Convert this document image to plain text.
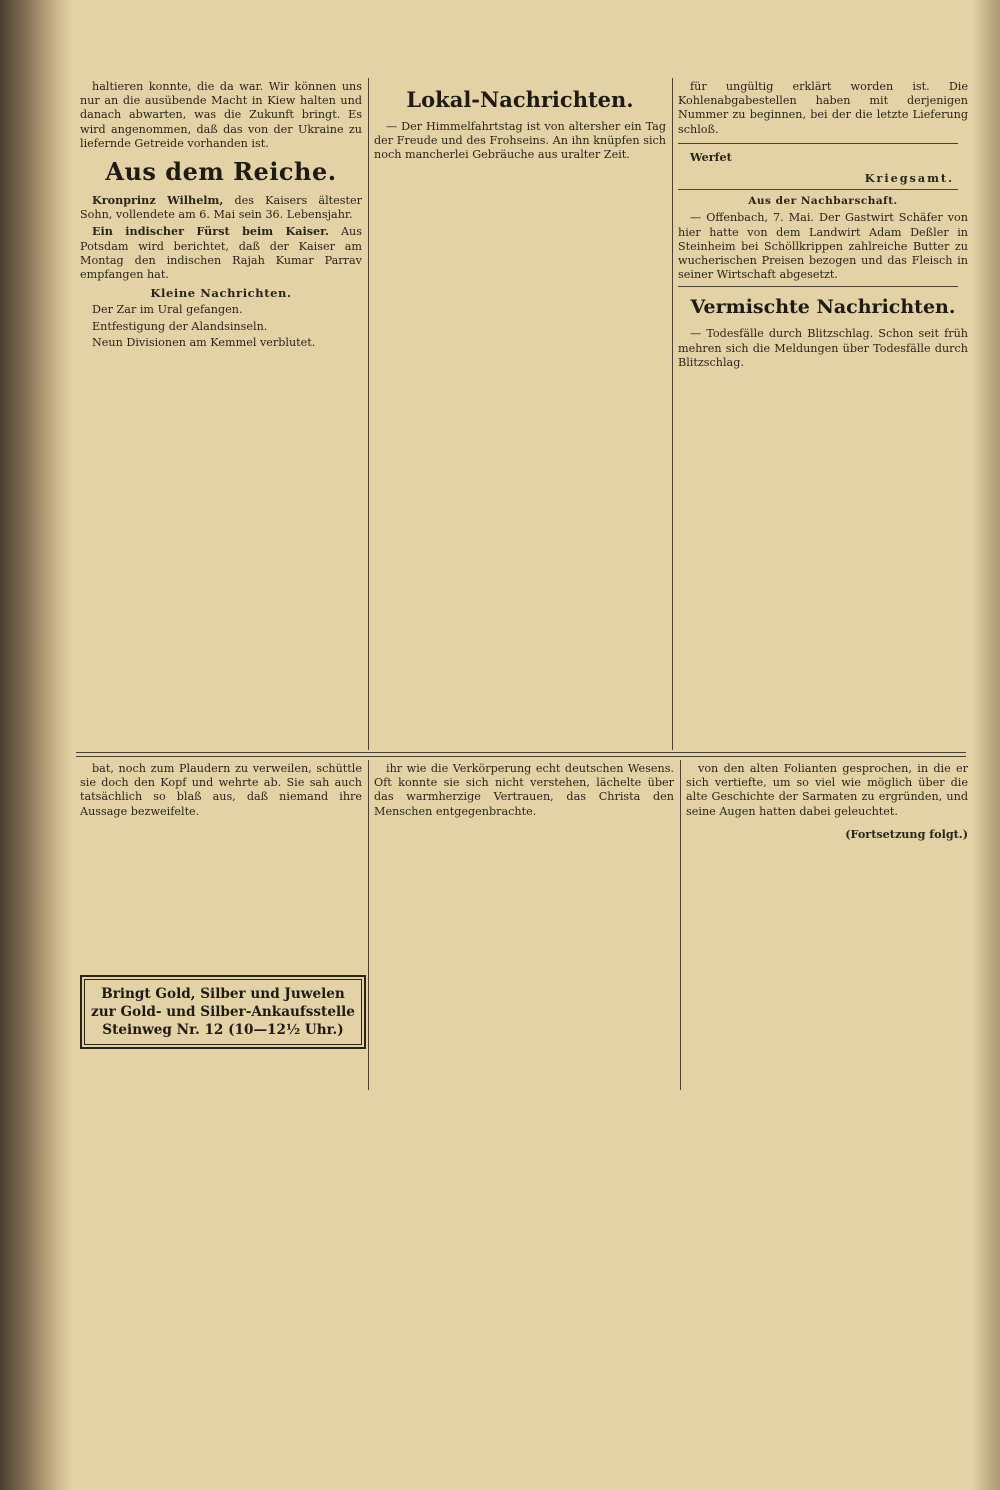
haltieren konnte, die da war. Wir können uns nur an die ausübende Macht in Kiew halten und danach abwarten, was die Zukunft bringt. Es wird angenommen, daß das von der Ukraine zu liefernde Getreide vorhanden ist.

Aus dem Reiche.

Kronprinz Wilhelm, des Kaisers ältester Sohn, vollendete am 6. Mai sein 36. Lebensjahr.

Ein indischer Fürst beim Kaiser. Aus Potsdam wird berichtet, daß der Kaiser am Montag den indischen Rajah Kumar Parrav empfangen hat.

Kleine Nachrichten.

Der Zar im Ural gefangen.

Entfestigung der Alandsinseln.

Neun Divisionen am Kemmel verblutet.

Bringt Gold, Silber und Juwelen zur Gold- und Silber-Ankaufsstelle Steinweg Nr. 12 (10—12½ Uhr.)
Lokal-Nachrichten.

— Der Himmelfahrtstag ist von altersher ein Tag der Freude und des Frohseins. An ihn knüpfen sich noch mancherlei Gebräuche aus uralter Zeit.

für ungültig erklärt worden ist. Die Kohlenabgabestellen haben mit derjenigen Nummer zu beginnen, bei der die letzte Lieferung schloß.

Werfet

Kriegsamt.
Aus der Nachbarschaft.

— Offenbach, 7. Mai. Der Gastwirt Schäfer von hier hatte von dem Landwirt Adam Deßler in Steinheim bei Schöllkrippen zahlreiche Butter zu wucherischen Preisen bezogen und das Fleisch in seiner Wirtschaft abgesetzt.

Vermischte Nachrichten.

— Todesfälle durch Blitzschlag. Schon seit früh mehren sich die Meldungen über Todesfälle durch Blitzschlag.

bat, noch zum Plaudern zu verweilen, schüttle sie doch den Kopf und wehrte ab. Sie sah auch tatsächlich so blaß aus, daß niemand ihre Aussage bezweifelte.

ihr wie die Verkörperung echt deutschen Wesens. Oft konnte sie sich nicht verstehen, lächelte über das warmherzige Vertrauen, das Christa den Menschen entgegenbrachte.

von den alten Folianten gesprochen, in die er sich vertiefte, um so viel wie möglich über die alte Geschichte der Sarmaten zu ergründen, und seine Augen hatten dabei geleuchtet.

(Fortsetzung folgt.)
